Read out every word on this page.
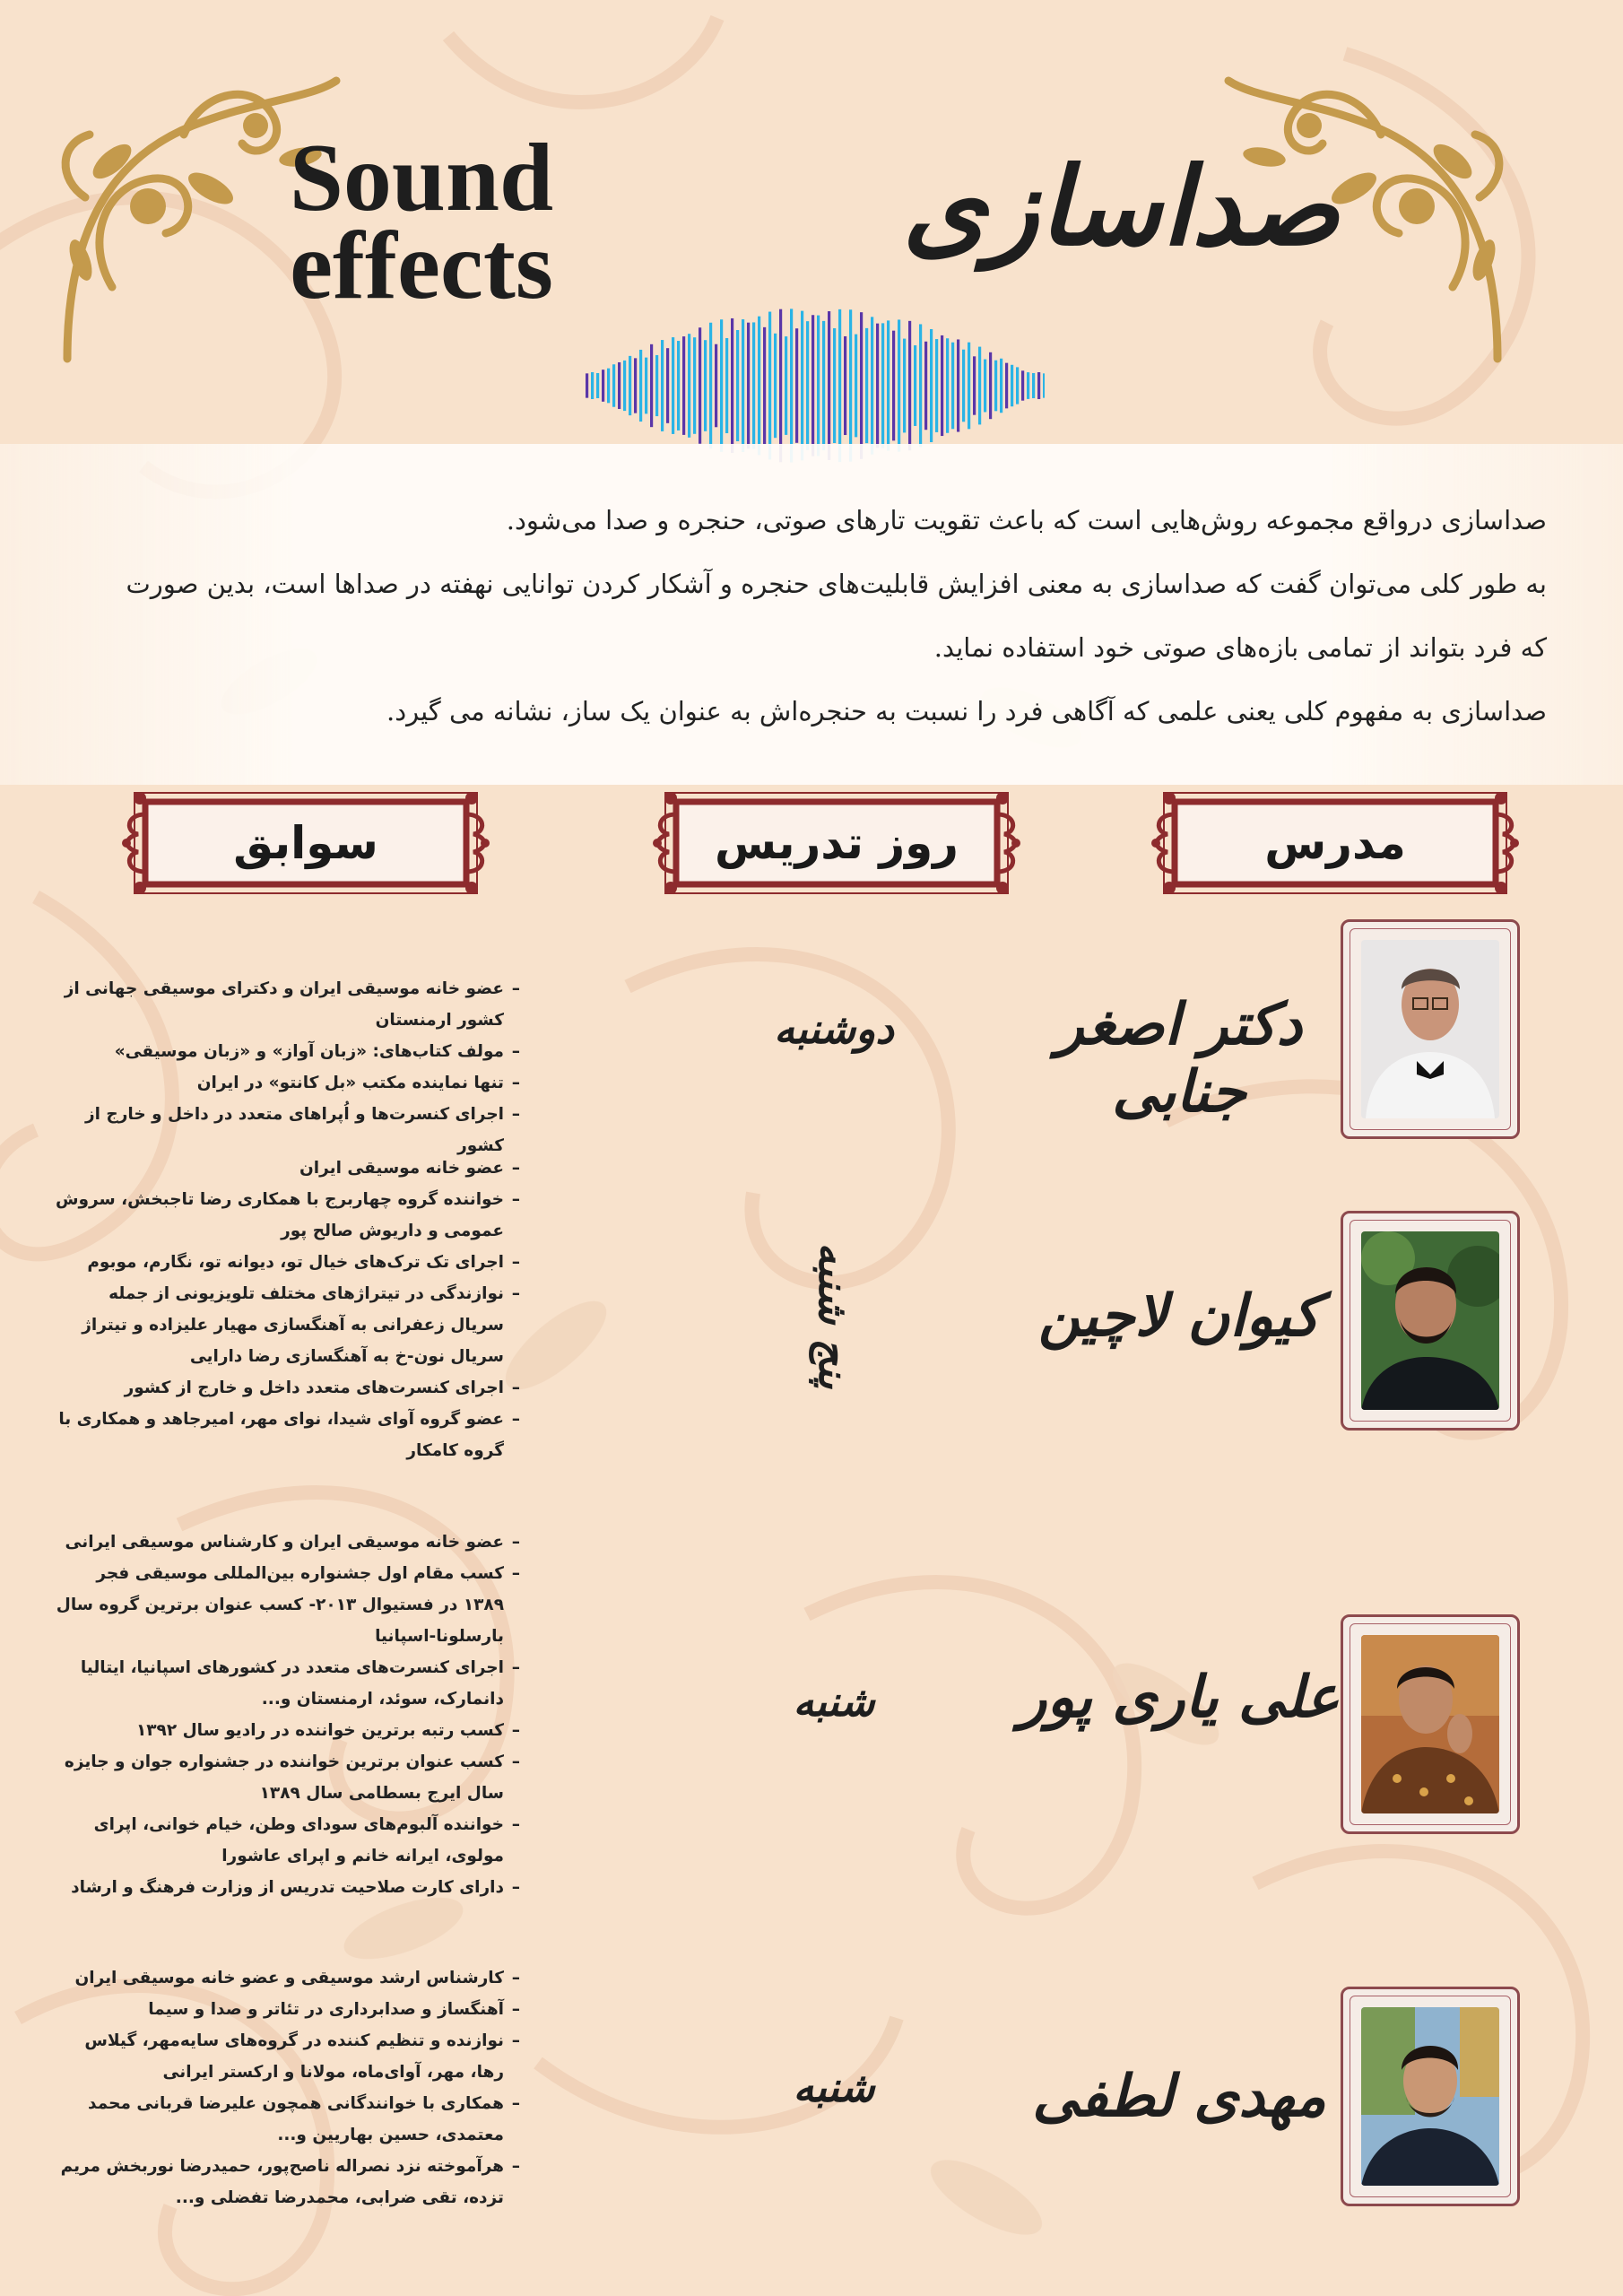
Sound
effects	صداسازی

صداسازی درواقع مجموعه روش‌هایی است که باعث تقویت تارهای صوتی، حنجره و صدا می‌شود.

به طور کلی می‌توان گفت که صداسازی به معنی افزایش قابلیت‌های حنجره و آشکار کردن توانایی نهفته در صداها است، بدین صورت

که فرد بتواند از تمامی بازه‌های صوتی خود استفاده نماید.

صداسازی به مفهوم کلی یعنی علمی که آگاهی فرد را نسبت به حنجره‌اش به عنوان یک ساز، نشانه می گیرد.

مدرس
روز تدریس
سوابق
دکتر اصغر جنابی
دوشنبه
– عضو خانه موسیقی ایران و دکترای موسیقی جهانی از کشور ارمنستان
– مولف کتاب‌های: «زبان آواز» و «زبان موسیقی»
– تنها نماینده مکتب «بل کانتو» در ایران
– اجرای کنسرت‌ها و اُپراهای متعدد در داخل و خارج از کشور
کیوان لاچین
پنج شنبه
– عضو خانه موسیقی ایران
– خواننده گروه چهاربرج با همکاری رضا تاجبخش، سروش عمومی و داریوش صالح پور
– اجرای تک ترک‌های خیال تو، دیوانه تو، نگارم، موبوم
– نوازندگی در تیتراژهای مختلف تلویزیونی از جمله سریال زعفرانی به آهنگسازی مهیار علیزاده و تیتراژ سریال نون-خ به آهنگسازی رضا دارایی
– اجرای کنسرت‌های متعدد داخل و خارج از کشور
– عضو گروه آوای شیدا، نوای مهر، امیرجاهد و همکاری با گروه کامکار
علی یاری پور
شنبه
– عضو خانه موسیقی ایران و کارشناس موسیقی ایرانی
– کسب مقام اول جشنواره بین‌المللی موسیقی فجر ۱۳۸۹ در فستیوال ۲۰۱۳- کسب عنوان برترین گروه سال بارسلونا-اسپانیا
– اجرای کنسرت‌های متعدد در کشورهای اسپانیا، ایتالیا دانمارک، سوئد، ارمنستان و...
– کسب رتبه برترین خواننده در رادیو سال ۱۳۹۲
– کسب عنوان برترین خواننده در جشنواره جوان و جایزه سال ایرج بسطامی سال ۱۳۸۹
– خواننده آلبوم‌های سودای وطن، خیام خوانی، اپرای مولوی، ایرانه خانم و اپرای عاشورا
– دارای کارت صلاحیت تدریس از وزارت فرهنگ و ارشاد
مهدی لطفی
شنبه
– کارشناس ارشد موسیقی و عضو خانه موسیقی ایران
– آهنگساز و صدابرداری در تئاتر و صدا و سیما
– نوازنده و تنظیم کننده در گروه‌های سایه‌مهر، گیلاس رها، مهر، آوای‌ماه، مولانا و ارکستر ایرانی
– همکاری با خوانندگانی همچون علیرضا قربانی محمد معتمدی، حسین بهاریین و...
– هرآموخته نزد نصراله ناصح‌پور، حمیدرضا نوربخش مریم تزده، تقی ضرابی، محمدرضا تفضلی و...
